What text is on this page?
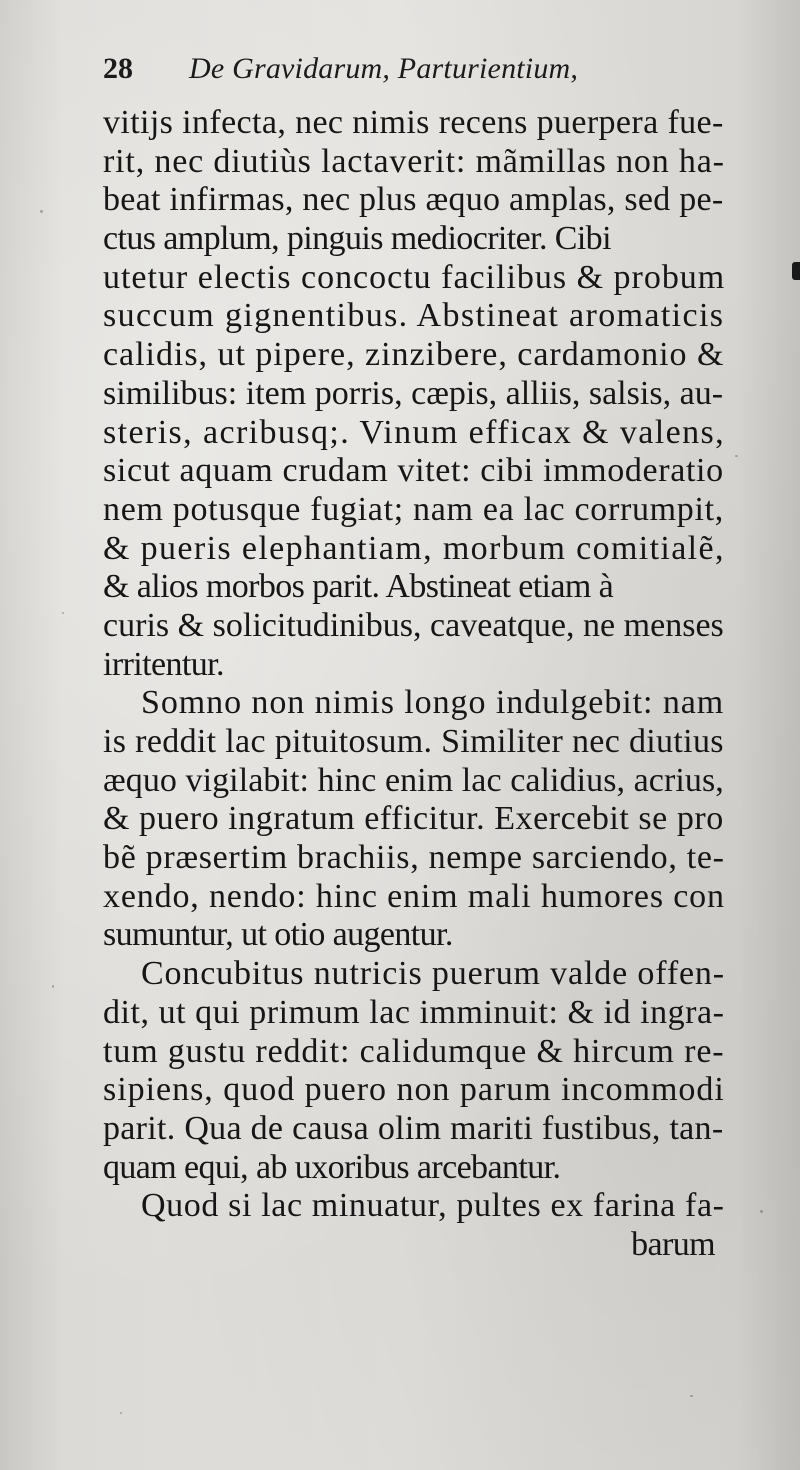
28 De Gravidarum, Parturientium,
vitijs infecta, nec nimis recens puerpera fue-
rit, nec diutiùs lactaverit: mãmillas non ha-
beat infirmas, nec plus æquo amplas, sed pe-
ctus amplum, pinguis mediocriter. Cibi
utetur electis concoctu facilibus & probum
succum gignentibus. Abstineat aromaticis
calidis, ut pipere, zinzibere, cardamonio &
similibus: item porris, cæpis, alliis, salsis, au-
steris, acribusq;. Vinum efficax & valens,
sicut aquam crudam vitet: cibi immoderatio
nem potusque fugiat; nam ea lac corrumpit,
& pueris elephantiam, morbum comitialẽ,
& alios morbos parit. Abstineat etiam à
curis & solicitudinibus, caveatque, ne menses
irritentur.
Somno non nimis longo indulgebit: nam
is reddit lac pituitosum. Similiter nec diutius
æquo vigilabit: hinc enim lac calidius, acrius,
& puero ingratum efficitur. Exercebit se pro
bẽ præsertim brachiis, nempe sarciendo, te-
xendo, nendo: hinc enim mali humores con
sumuntur, ut otio augentur.
Concubitus nutricis puerum valde offen-
dit, ut qui primum lac imminuit: & id ingra-
tum gustu reddit: calidumque & hircum re-
sipiens, quod puero non parum incommodi
parit. Qua de causa olim mariti fustibus, tan-
quam equi, ab uxoribus arcebantur.
Quod si lac minuatur, pultes ex farina fa-
barum
